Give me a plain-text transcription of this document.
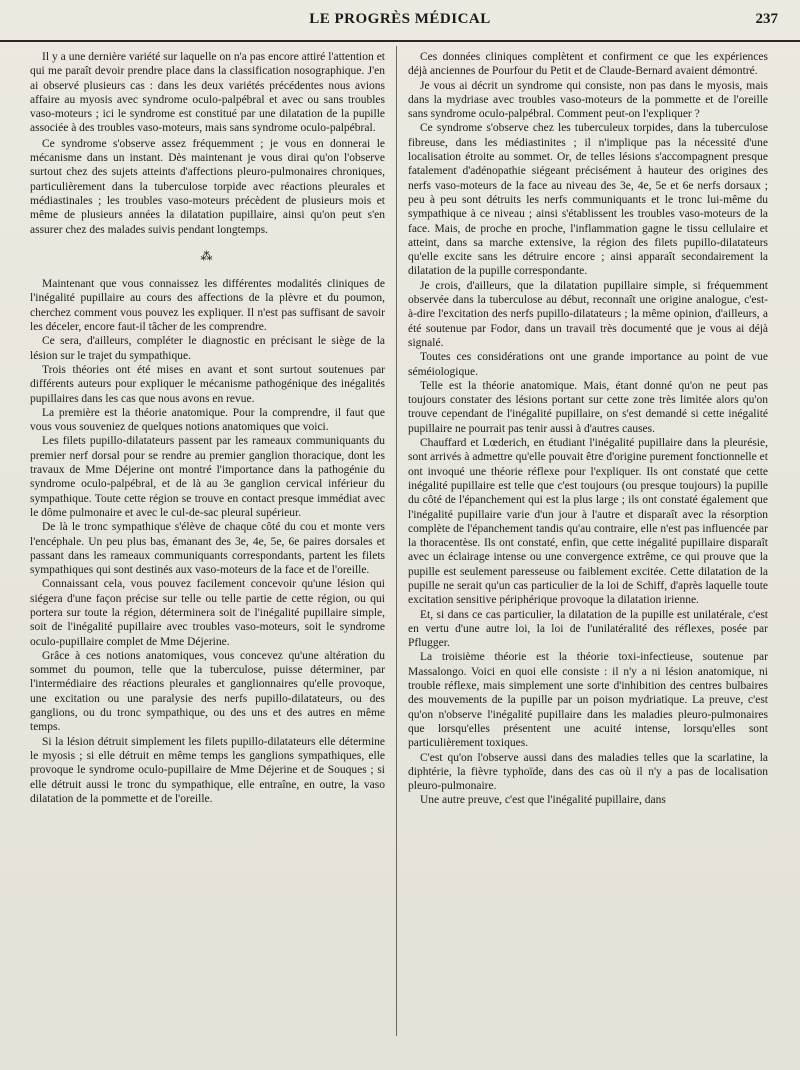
LE PROGRÈS MÉDICAL	237

Il y a une dernière variété sur laquelle on n'a pas encore attiré l'attention et qui me paraît devoir prendre place dans la classification nosographique. J'en ai observé plusieurs cas : dans les deux variétés précédentes nous avions affaire au myosis avec syndrome oculo-palpébral et avec ou sans troubles vaso-moteurs ; ici le syndrome est constitué par une dilatation de la pupille associée à des troubles vaso-moteurs, mais sans syndrome oculo-palpébral.

Ce syndrome s'observe assez fréquemment ; je vous en donnerai le mécanisme dans un instant. Dès maintenant je vous dirai qu'on l'observe surtout chez des sujets atteints d'affections pleuro-pulmonaires chroniques, particulièrement dans la tuberculose torpide avec réactions pleurales et médiastinales ; les troubles vaso-moteurs précèdent de plusieurs mois et même de plusieurs années la dilatation pupillaire, ainsi qu'on peut s'en assurer chez des malades suivis pendant longtemps.

⁂

Maintenant que vous connaissez les différentes modalités cliniques de l'inégalité pupillaire au cours des affections de la plèvre et du poumon, cherchez comment vous pouvez les expliquer. Il n'est pas suffisant de savoir les déceler, encore faut-il tâcher de les comprendre.

Ce sera, d'ailleurs, compléter le diagnostic en précisant le siège de la lésion sur le trajet du sympathique.

Trois théories ont été mises en avant et sont surtout soutenues par différents auteurs pour expliquer le mécanisme pathogénique des inégalités pupillaires dans les cas que nous avons en revue.

La première est la théorie anatomique. Pour la comprendre, il faut que vous vous souveniez de quelques notions anatomiques que voici.

Les filets pupillo-dilatateurs passent par les rameaux communiquants du premier nerf dorsal pour se rendre au premier ganglion thoracique, dont les travaux de Mme Déjerine ont montré l'importance dans la pathogénie du syndrome oculo-palpébral, et de là au 3e ganglion cervical inférieur du sympathique. Toute cette région se trouve en contact presque immédiat avec le dôme pulmonaire et avec le cul-de-sac pleural supérieur.

De là le tronc sympathique s'élève de chaque côté du cou et monte vers l'encéphale. Un peu plus bas, émanant des 3e, 4e, 5e, 6e paires dorsales et passant dans les rameaux communiquants correspondants, partent les filets sympathiques qui sont destinés aux vaso-moteurs de la face et de l'oreille.

Connaissant cela, vous pouvez facilement concevoir qu'une lésion qui siégera d'une façon précise sur telle ou telle partie de cette région, ou qui portera sur toute la région, déterminera soit de l'inégalité pupillaire simple, soit de l'inégalité pupillaire avec troubles vaso-moteurs, soit le syndrome oculo-pupillaire complet de Mme Déjerine.

Grâce à ces notions anatomiques, vous concevez qu'une altération du sommet du poumon, telle que la tuberculose, puisse déterminer, par l'intermédiaire des réactions pleurales et ganglionnaires qu'elle provoque, une excitation ou une paralysie des nerfs pupillo-dilatateurs, ou des ganglions, ou du tronc sympathique, ou des uns et des autres en même temps.

Si la lésion détruit simplement les filets pupillo-dilatateurs elle détermine le myosis ; si elle détruit en même temps les ganglions sympathiques, elle provoque le syndrome oculo-pupillaire de Mme Déjerine et de Souques ; si elle détruit aussi le tronc du sympathique, elle entraîne, en outre, la vaso dilatation de la pommette et de l'oreille.

Ces données cliniques complètent et confirment ce que les expériences déjà anciennes de Pourfour du Petit et de Claude-Bernard avaient démontré.

Je vous ai décrit un syndrome qui consiste, non pas dans le myosis, mais dans la mydriase avec troubles vaso-moteurs de la pommette et de l'oreille sans syndrome oculo-palpébral. Comment peut-on l'expliquer ?

Ce syndrome s'observe chez les tuberculeux torpides, dans la tuberculose fibreuse, dans les médiastinites ; il n'implique pas la nécessité d'une localisation étroite au sommet. Or, de telles lésions s'accompagnent presque fatalement d'adénopathie siégeant précisément à hauteur des origines des nerfs vaso-moteurs de la face au niveau des 3e, 4e, 5e et 6e nerfs dorsaux ; peu à peu sont détruits les nerfs communiquants et le tronc lui-même du sympathique à ce niveau ; ainsi s'établissent les troubles vaso-moteurs de la face. Mais, de proche en proche, l'inflammation gagne le tissu cellulaire et atteint, dans sa marche extensive, la région des filets pupillo-dilatateurs qu'elle excite sans les détruire encore ; ainsi apparaît secondairement la dilatation de la pupille correspondante.

Je crois, d'ailleurs, que la dilatation pupillaire simple, si fréquemment observée dans la tuberculose au début, reconnaît une origine analogue, c'est-à-dire l'excitation des nerfs pupillo-dilatateurs ; la même opinion, d'ailleurs, a été soutenue par Fodor, dans un travail très documenté que je vous ai déjà signalé.

Toutes ces considérations ont une grande importance au point de vue séméiologique.

Telle est la théorie anatomique. Mais, étant donné qu'on ne peut pas toujours constater des lésions portant sur cette zone très limitée alors qu'on trouve cependant de l'inégalité pupillaire, on s'est demandé si cette inégalité pupillaire ne pourrait pas tenir aussi à d'autres causes.

Chauffard et Lœderich, en étudiant l'inégalité pupillaire dans la pleurésie, sont arrivés à admettre qu'elle pouvait être d'origine purement fonctionnelle et ont invoqué une théorie réflexe pour l'expliquer. Ils ont constaté que cette inégalité pupillaire est telle que c'est toujours (ou presque toujours) la pupille du côté de l'épanchement qui est la plus large ; ils ont constaté également que l'inégalité pupillaire varie d'un jour à l'autre et disparaît avec la résorption complète de l'épanchement tandis qu'au contraire, elle n'est pas influencée par la thoracentèse. Ils ont constaté, enfin, que cette inégalité pupillaire disparaît avec un éclairage intense ou une convergence extrême, ce qui prouve que la pupille est seulement paresseuse ou faiblement excitée. Cette dilatation de la pupille ne serait qu'un cas particulier de la loi de Schiff, d'après laquelle toute excitation sensitive périphérique provoque la dilatation irienne.

Et, si dans ce cas particulier, la dilatation de la pupille est unilatérale, c'est en vertu d'une autre loi, la loi de l'unilatéralité des réflexes, posée par Pflugger.

La troisième théorie est la théorie toxi-infectieuse, soutenue par Massalongo. Voici en quoi elle consiste : il n'y a ni lésion anatomique, ni trouble réflexe, mais simplement une sorte d'inhibition des centres bulbaires des mouvements de la pupille par un poison mydriatique. La preuve, c'est qu'on n'observe l'inégalité pupillaire dans les maladies pleuro-pulmonaires que lorsqu'elles présentent une acuité intense, lorsqu'elles sont particulièrement toxiques.

C'est qu'on l'observe aussi dans des maladies telles que la scarlatine, la diphtérie, la fièvre typhoïde, dans des cas où il n'y a pas de localisation pleuro-pulmonaire.

Une autre preuve, c'est que l'inégalité pupillaire, dans
